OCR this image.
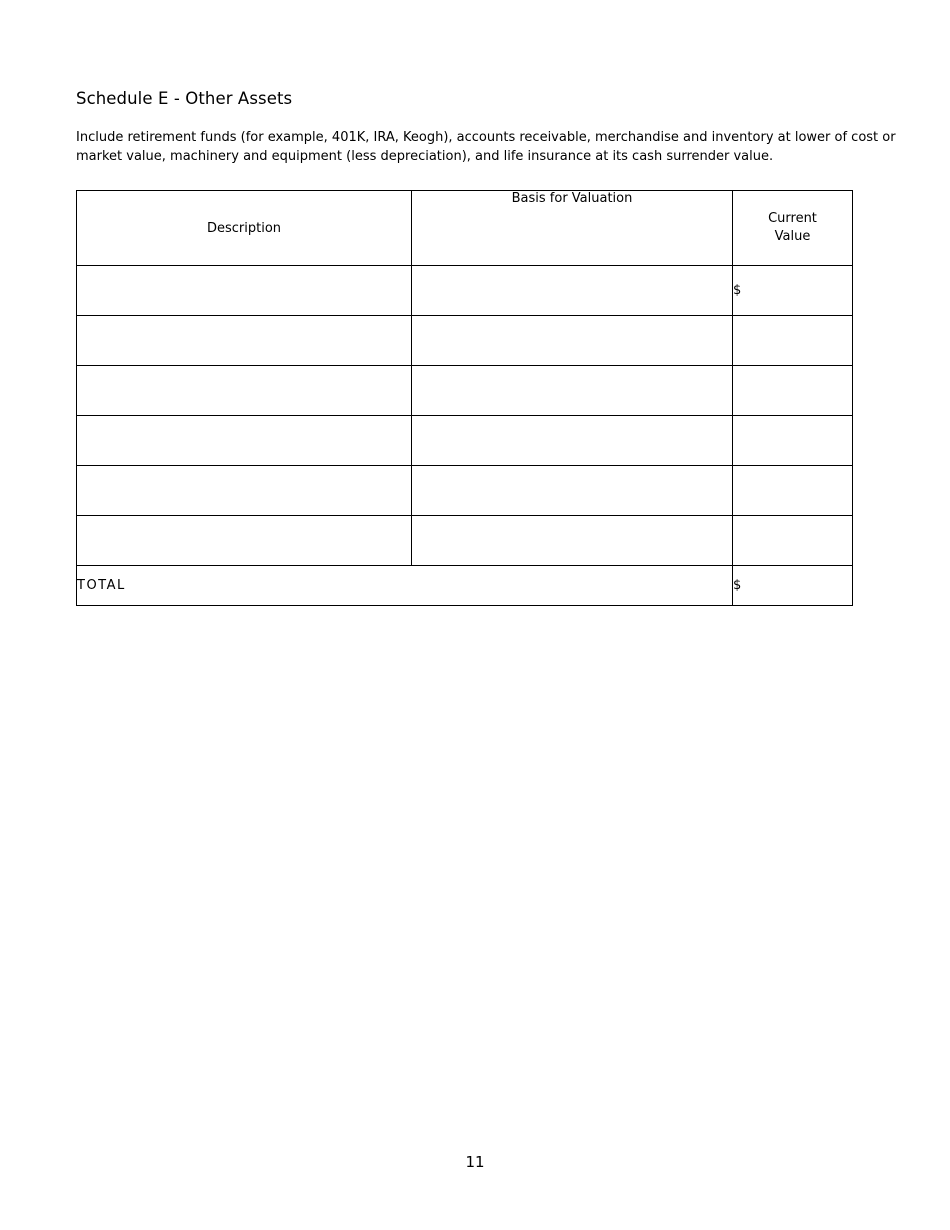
Schedule E - Other Assets
Include retirement funds (for example, 401K, IRA, Keogh), accounts receivable, merchandise and inventory at lower of cost or market value, machinery and equipment (less depreciation), and life insurance at its cash surrender value.
Description	Basis for Valuation	Current
Value
		$

TOTAL		$
11
